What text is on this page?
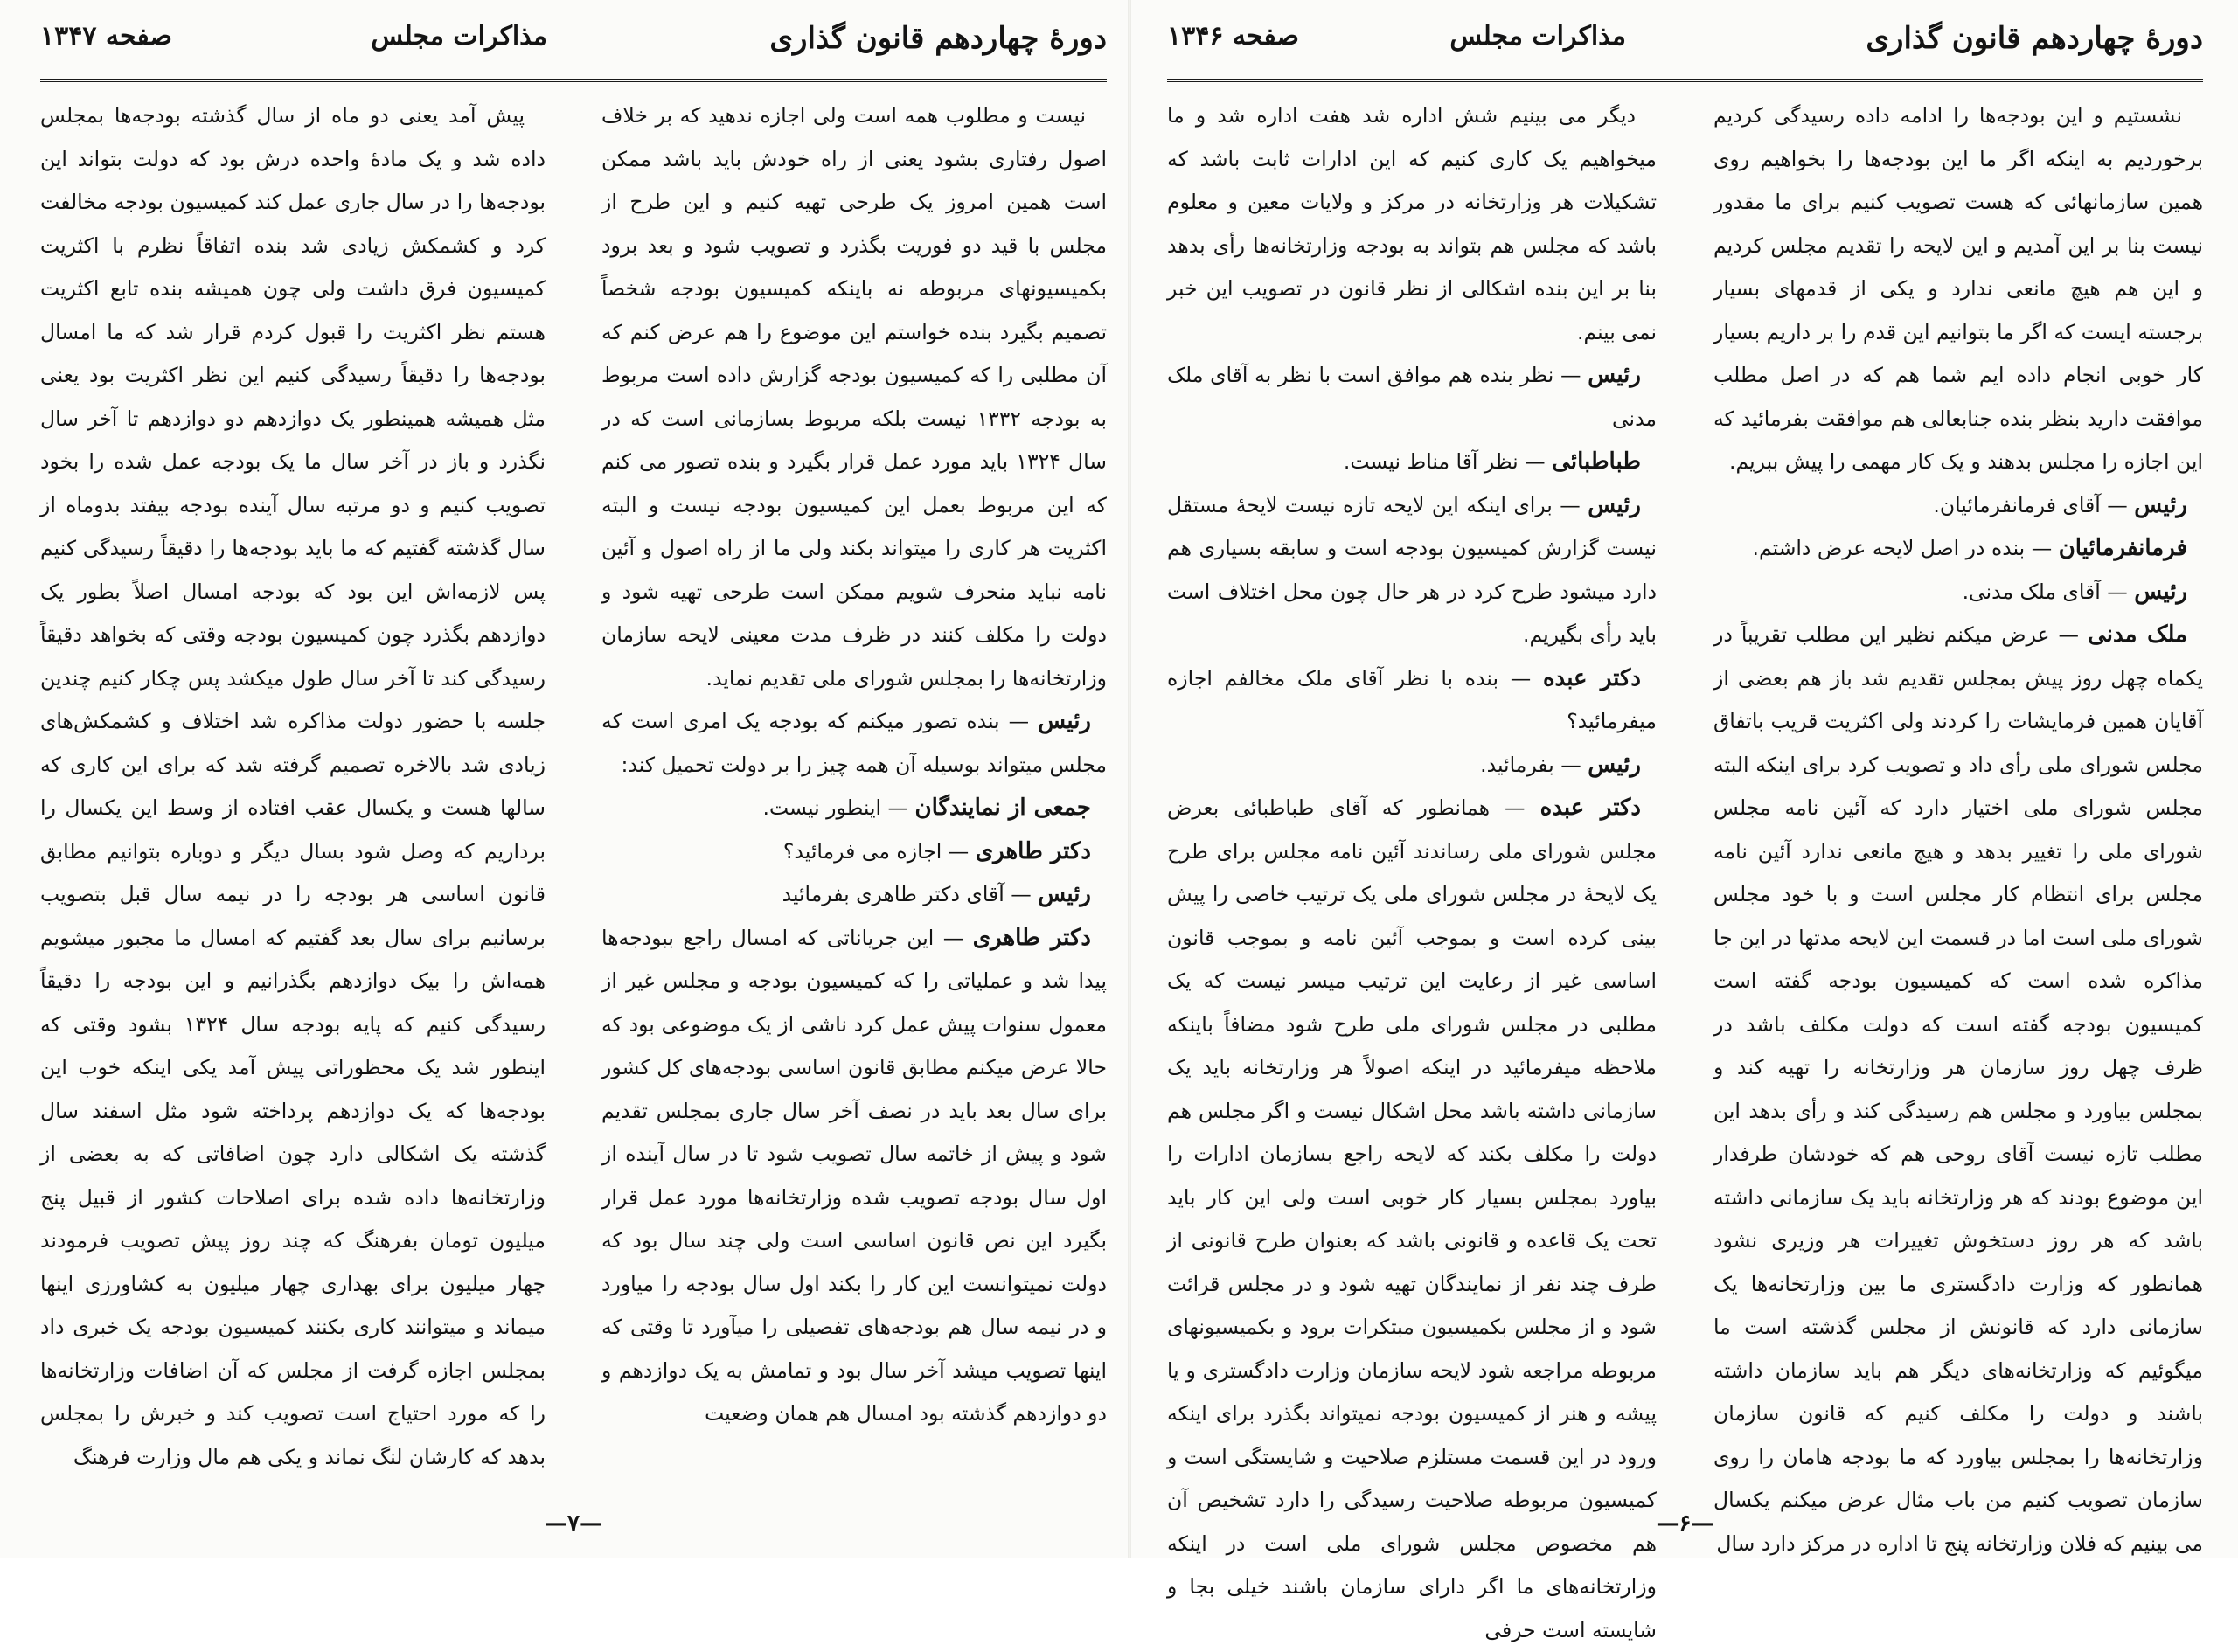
دورهٔ چهاردهم قانون گذاری
مذاکرات مجلس
صفحه ۱۳۴۶

نشستیم و این بودجه‌ها را ادامه داده رسیدگی کردیم برخوردیم به اینکه اگر ما این بودجه‌ها را بخواهیم روی همین سازمانهائی که هست تصویب کنیم برای ما مقدور نیست بنا بر این آمدیم و این لایحه را تقدیم مجلس کردیم و این هم هیچ مانعی ندارد و یکی از قدمهای بسیار برجسته ایست که اگر ما بتوانیم این قدم را بر داریم بسیار کار خوبی انجام داده ایم شما هم که در اصل مطلب موافقت دارید بنظر بنده جنابعالی هم موافقت بفرمائید که این اجازه را مجلس بدهند و یک کار مهمی را پیش ببریم.

رئیس — آقای فرمانفرمائیان.

فرمانفرمائیان — بنده در اصل لایحه عرض داشتم.

رئیس — آقای ملک مدنی.

ملک مدنی — عرض میکنم نظیر این مطلب تقریباً در یکماه چهل روز پیش بمجلس تقدیم شد باز هم بعضی از آقایان همین فرمایشات را کردند ولی اکثریت قریب باتفاق مجلس شورای ملی رأی داد و تصویب کرد برای اینکه البته مجلس شورای ملی اختیار دارد که آئین نامه مجلس شورای ملی را تغییر بدهد و هیچ مانعی ندارد آئین نامه مجلس برای انتظام کار مجلس است و با خود مجلس شورای ملی است اما در قسمت این لایحه مدتها در این جا مذاکره شده است که کمیسیون بودجه گفته است کمیسیون بودجه گفته است که دولت مکلف باشد در ظرف چهل روز سازمان هر وزارتخانه را تهیه کند و بمجلس بیاورد و مجلس هم رسیدگی کند و رأی بدهد این مطلب تازه نیست آقای روحی هم که خودشان طرفدار این موضوع بودند که هر وزارتخانه باید یک سازمانی داشته باشد که هر روز دستخوش تغییرات هر وزیری نشود همانطور که وزارت دادگستری ما بین وزارتخانه‌ها یک سازمانی دارد که قانونش از مجلس گذشته است ما میگوئیم که وزارتخانه‌های دیگر هم باید سازمان داشته باشند و دولت را مکلف کنیم که قانون سازمان وزارتخانه‌ها را بمجلس بیاورد که ما بودجه هامان را روی سازمان تصویب کنیم من باب مثال عرض میکنم یکسال می بینیم که فلان وزارتخانه پنج تا اداره در مرکز دارد سال

دیگر می بینیم شش اداره شد هفت اداره شد و ما میخواهیم یک کاری کنیم که این ادارات ثابت باشد که تشکیلات هر وزارتخانه در مرکز و ولایات معین و معلوم باشد که مجلس هم بتواند به بودجه وزارتخانه‌ها رأی بدهد بنا بر این بنده اشکالی از نظر قانون در تصویب این خبر نمی بینم.

رئیس — نظر بنده هم موافق است با نظر به آقای ملک مدنی

طباطبائی — نظر آقا مناط نیست.

رئیس — برای اینکه این لایحه تازه نیست لایحهٔ مستقل نیست گزارش کمیسیون بودجه است و سابقه بسیاری هم دارد میشود طرح کرد در هر حال چون محل اختلاف است باید رأی بگیریم.

دکتر عبده — بنده با نظر آقای ملک مخالفم اجازه میفرمائید؟

رئیس — بفرمائید.

دکتر عبده — همانطور که آقای طباطبائی بعرض مجلس شورای ملی رساندند آئین نامه مجلس برای طرح یک لایحهٔ در مجلس شورای ملی یک ترتیب خاصی را پیش بینی کرده است و بموجب آئین نامه و بموجب قانون اساسی غیر از رعایت این ترتیب میسر نیست که یک مطلبی در مجلس شورای ملی طرح شود مضافاً باینکه ملاحظه میفرمائید در اینکه اصولاً هر وزارتخانه باید یک سازمانی داشته باشد محل اشکال نیست و اگر مجلس هم دولت را مکلف بکند که لایحه راجع بسازمان ادارات را بیاورد بمجلس بسیار کار خوبی است ولی این کار باید تحت یک قاعده و قانونی باشد که بعنوان طرح قانونی از طرف چند نفر از نمایندگان تهیه شود و در مجلس قرائت شود و از مجلس بکمیسیون مبتکرات برود و بکمیسیونهای مربوطه مراجعه شود لایحه سازمان وزارت دادگستری و یا پیشه و هنر از کمیسیون بودجه نمیتواند بگذرد برای اینکه ورود در این قسمت مستلزم صلاحیت و شایستگی است و کمیسیون مربوطه صلاحیت رسیدگی را دارد تشخیص آن هم مخصوص مجلس شورای ملی است در اینکه وزارتخانه‌های ما اگر دارای سازمان باشند خیلی بجا و شایسته است حرفی

—۶—
دورهٔ چهاردهم قانون گذاری
مذاکرات مجلس
صفحه ۱۳۴۷

نیست و مطلوب همه است ولی اجازه ندهید که بر خلاف اصول رفتاری بشود یعنی از راه خودش باید باشد ممکن است همین امروز یک طرحی تهیه کنیم و این طرح از مجلس با قید دو فوریت بگذرد و تصویب شود و بعد برود بکمیسیونهای مربوطه نه باینکه کمیسیون بودجه شخصاً تصمیم بگیرد بنده خواستم این موضوع را هم عرض کنم که آن مطلبی را که کمیسیون بودجه گزارش داده است مربوط به بودجه ۱۳۳۲ نیست بلکه مربوط بسازمانی است که در سال ۱۳۲۴ باید مورد عمل قرار بگیرد و بنده تصور می کنم که این مربوط بعمل این کمیسیون بودجه نیست و البته اکثریت هر کاری را میتواند بکند ولی ما از راه اصول و آئین نامه نباید منحرف شویم ممکن است طرحی تهیه شود و دولت را مکلف کنند در ظرف مدت معینی لایحه سازمان وزارتخانه‌ها را بمجلس شورای ملی تقدیم نماید.

رئیس — بنده تصور میکنم که بودجه یک امری است که مجلس میتواند بوسیله آن همه چیز را بر دولت تحمیل کند:

جمعی از نمایندگان — اینطور نیست.

دکتر طاهری — اجازه می فرمائید؟

رئیس — آقای دکتر طاهری بفرمائید

دکتر طاهری — این جریاناتی که امسال راجع ببودجه‌ها پیدا شد و عملیاتی را که کمیسیون بودجه و مجلس غیر از معمول سنوات پیش عمل کرد ناشی از یک موضوعی بود که حالا عرض میکنم مطابق قانون اساسی بودجه‌های کل کشور برای سال بعد باید در نصف آخر سال جاری بمجلس تقدیم شود و پیش از خاتمه سال تصویب شود تا در سال آینده از اول سال بودجه تصویب شده وزارتخانه‌ها مورد عمل قرار بگیرد این نص قانون اساسی است ولی چند سال بود که دولت نمیتوانست این کار را بکند اول سال بودجه را میاورد و در نیمه سال هم بودجه‌های تفصیلی را میآورد تا وقتی که اینها تصویب میشد آخر سال بود و تمامش به یک دوازدهم و دو دوازدهم گذشته بود امسال هم همان وضعیت

پیش آمد یعنی دو ماه از سال گذشته بودجه‌ها بمجلس داده شد و یک مادهٔ واحده درش بود که دولت بتواند این بودجه‌ها را در سال جاری عمل کند کمیسیون بودجه مخالفت کرد و کشمکش زیادی شد بنده اتفاقاً نظرم با اکثریت کمیسیون فرق داشت ولی چون همیشه بنده تابع اکثریت هستم نظر اکثریت را قبول کردم قرار شد که ما امسال بودجه‌ها را دقیقاً رسیدگی کنیم این نظر اکثریت بود یعنی مثل همیشه همینطور یک دوازدهم دو دوازدهم تا آخر سال نگذرد و باز در آخر سال ما یک بودجه عمل شده را بخود تصویب کنیم و دو مرتبه سال آینده بودجه بیفتد بدوماه از سال گذشته گفتیم که ما باید بودجه‌ها را دقیقاً رسیدگی کنیم پس لازمه‌اش این بود که بودجه امسال اصلاً بطور یک دوازدهم بگذرد چون کمیسیون بودجه وقتی که بخواهد دقیقاً رسیدگی کند تا آخر سال طول میکشد پس چکار کنیم چندین جلسه با حضور دولت مذاکره شد اختلاف و کشمکش‌های زیادی شد بالاخره تصمیم گرفته شد که برای این کاری که سالها هست و یکسال عقب افتاده از وسط این یکسال را برداریم که وصل شود بسال دیگر و دوباره بتوانیم مطابق قانون اساسی هر بودجه را در نیمه سال قبل بتصویب برسانیم برای سال بعد گفتیم که امسال ما مجبور میشویم همه‌اش را بیک دوازدهم بگذرانیم و این بودجه را دقیقاً رسیدگی کنیم که پایه بودجه سال ۱۳۲۴ بشود وقتی که اینطور شد یک محظوراتی پیش آمد یکی اینکه خوب این بودجه‌ها که یک دوازدهم پرداخته شود مثل اسفند سال گذشته یک اشکالی دارد چون اضافاتی که به بعضی از وزارتخانه‌ها داده شده برای اصلاحات کشور از قبیل پنج میلیون تومان بفرهنگ که چند روز پیش تصویب فرمودند چهار میلیون برای بهداری چهار میلیون به کشاورزی اینها میماند و میتوانند کاری بکنند کمیسیون بودجه یک خبری داد بمجلس اجازه گرفت از مجلس که آن اضافات وزارتخانه‌ها را که مورد احتیاج است تصویب کند و خبرش را بمجلس بدهد که کارشان لنگ نماند و یکی هم مال وزارت فرهنگ

—۷—
